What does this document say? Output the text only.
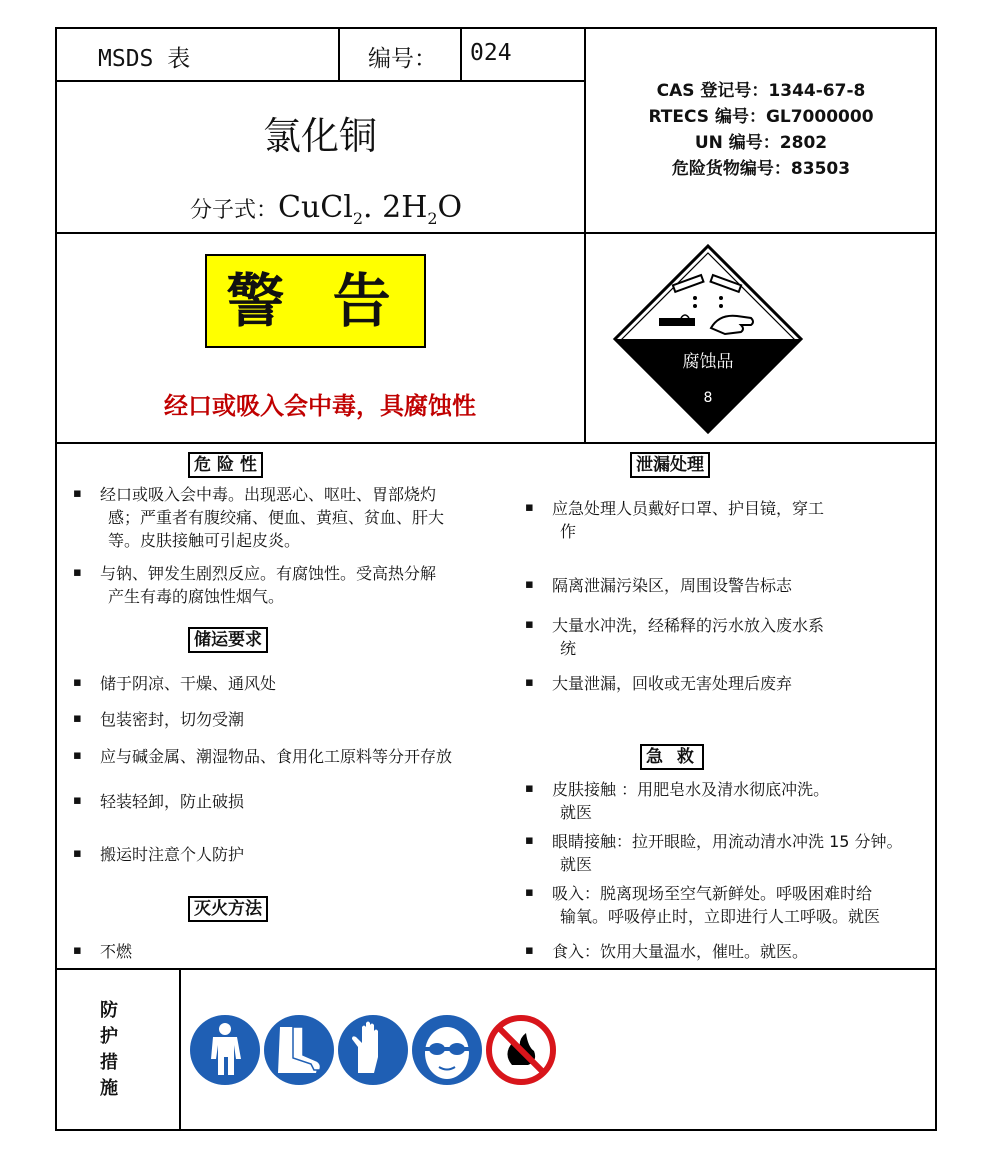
MSDS 表	编号： 024
氯化铜
分子式：CuCl$_2$. $2H_2O$
CAS 登记号：1344-67-8
RTECS 编号：GL7000000
UN 编号：2802
危险货物编号：83503
警 告
经口或吸入会中毒，具腐蚀性
腐蚀品
8
危 险 性
▪ 经口或吸入会中毒。出现恶心、呕吐、胃部烧灼
感；严重者有腹绞痛、便血、黄疸、贫血、肝大
等。皮肤接触可引起皮炎。
▪ 与钠、钾发生剧烈反应。有腐蚀性。受高热分解
产生有毒的腐蚀性烟气。
储运要求
▪ 储于阴凉、干燥、通风处
▪ 包装密封，切勿受潮
▪ 应与碱金属、潮湿物品、食用化工原料等分开存放
▪ 轻装轻卸，防止破损
▪ 搬运时注意个人防护
灭火方法
▪ 不燃
泄漏处理
▪ 应急处理人员戴好口罩、护目镜，穿工
作
▪ 隔离泄漏污染区，周围设警告标志
▪ 大量水冲洗，经稀释的污水放入废水系
统
▪ 大量泄漏，回收或无害处理后废弃
急 救
▪ 皮肤接触 ：用肥皂水及清水彻底冲洗。
就医
▪ 眼睛接触：拉开眼睑，用流动清水冲洗 15 分钟。
就医
▪ 吸入：脱离现场至空气新鲜处。呼吸困难时给
输氧。呼吸停止时，立即进行人工呼吸。就医
▪ 食入：饮用大量温水，催吐。就医。
防
护
措
施
